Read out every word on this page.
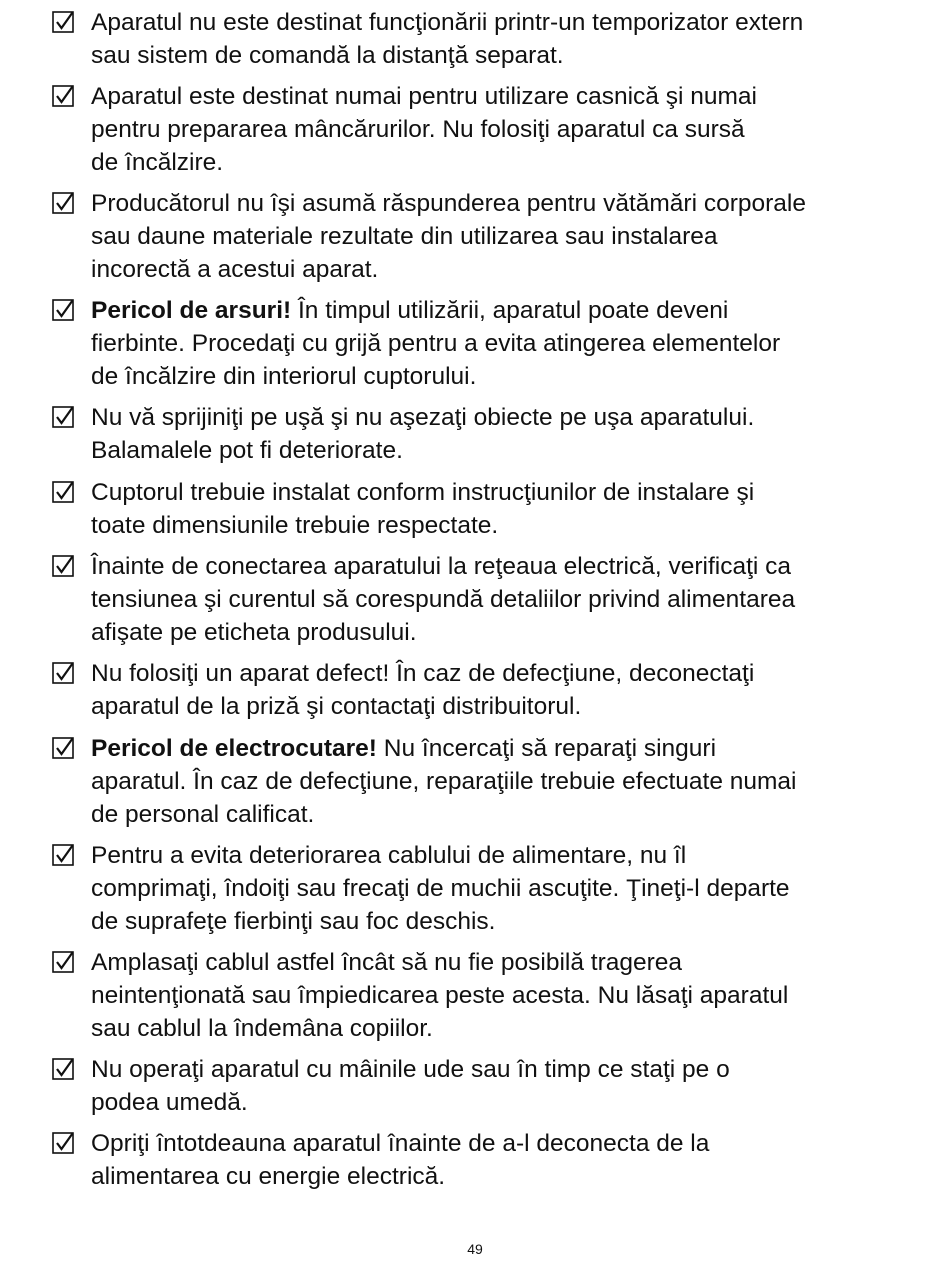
Aparatul nu este destinat funcţionării printr-un temporizator extern
sau sistem de comandă la distanţă separat.
Aparatul este destinat numai pentru utilizare casnică şi numai
pentru prepararea mâncărurilor. Nu folosiţi aparatul ca sursă
de încălzire.
Producătorul nu îşi asumă răspunderea pentru vătămări corporale
sau daune materiale rezultate din utilizarea sau instalarea
incorectă a acestui aparat.
Pericol de arsuri! În timpul utilizării, aparatul poate deveni
fierbinte. Procedaţi cu grijă pentru a evita atingerea elementelor
de încălzire din interiorul cuptorului.
Nu vă sprijiniţi pe uşă şi nu aşezaţi obiecte pe uşa aparatului.
Balamalele pot fi deteriorate.
Cuptorul trebuie instalat conform instrucţiunilor de instalare şi
toate dimensiunile trebuie respectate.
Înainte de conectarea aparatului la reţeaua electrică, verificaţi ca
tensiunea şi curentul să corespundă detaliilor privind alimentarea
afişate pe eticheta produsului.
Nu folosiţi un aparat defect! În caz de defecţiune, deconectaţi
aparatul de la priză şi contactaţi distribuitorul.
Pericol de electrocutare! Nu încercaţi să reparaţi singuri
aparatul. În caz de defecţiune, reparaţiile trebuie efectuate numai
de personal calificat.
Pentru a evita deteriorarea cablului de alimentare, nu îl
comprimaţi, îndoiţi sau frecaţi de muchii ascuţite. Ţineţi-l departe
de suprafeţe fierbinţi sau foc deschis.
Amplasaţi cablul astfel încât să nu fie posibilă tragerea
neintenţionată sau împiedicarea peste acesta. Nu lăsaţi aparatul
sau cablul la îndemâna copiilor.
Nu operaţi aparatul cu mâinile ude sau în timp ce staţi pe o
podea umedă.
Opriţi întotdeauna aparatul înainte de a-l deconecta de la
alimentarea cu energie electrică.
49
